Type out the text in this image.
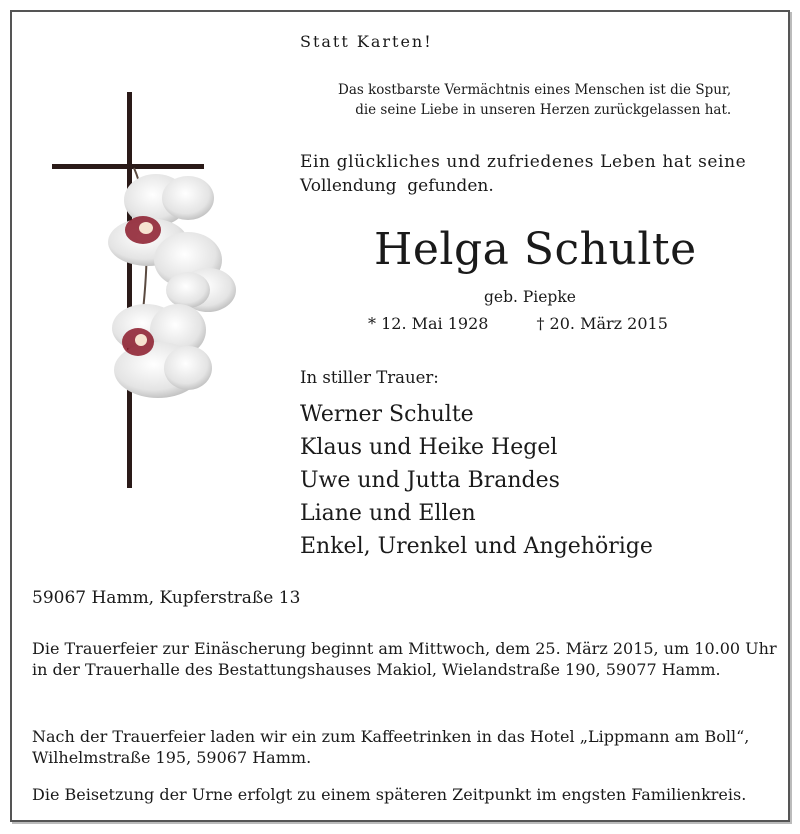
Statt Karten!
Das kostbarste Vermächtnis eines Menschen ist die Spur,
die seine Liebe in unseren Herzen zurückgelassen hat.
Ein glückliches und zufriedenes Leben hat seine
Vollendung  gefunden.
Helga Schulte
geb. Piepke
* 12. Mai 1928	† 20. März 2015
In stiller Trauer:
Werner Schulte
Klaus und Heike Hegel
Uwe und Jutta Brandes
Liane und Ellen
Enkel, Urenkel und Angehörige
59067 Hamm, Kupferstraße 13
Die Trauerfeier zur Einäscherung beginnt am Mittwoch, dem 25. März 2015, um 10.00 Uhr in der Trauerhalle des Bestattungshauses Makiol, Wielandstraße 190, 59077 Hamm.
Nach der Trauerfeier laden wir ein zum Kaffeetrinken in das Hotel „Lippmann am Boll“, Wilhelmstraße 195, 59067 Hamm.
Die Beisetzung der Urne erfolgt zu einem späteren Zeitpunkt im engsten Familienkreis.
